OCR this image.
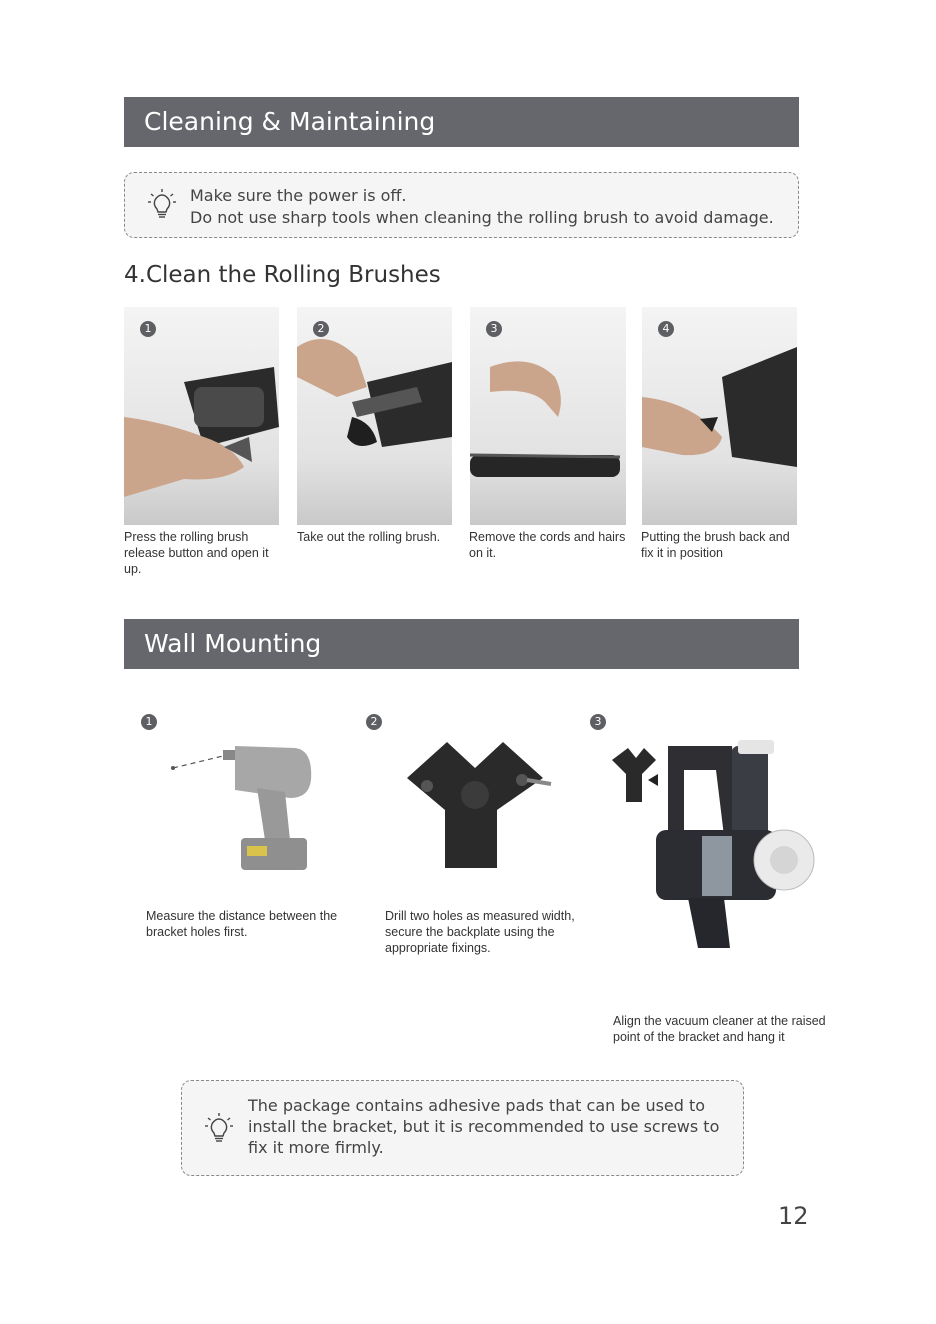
Cleaning & Maintaining
Make sure the power is off.
Do not use sharp tools when cleaning the rolling brush to avoid damage.
4.Clean the Rolling Brushes
1	2	3	4

Press the rolling brush release button and open it up.

Take out the rolling brush.	Remove the cords and hairs on it.

Putting the brush back and fix it in position

Wall Mounting
1	2	3

Measure the distance between the bracket holes first.

Drill two holes as measured width, secure the backplate using the appropriate fixings.

Align the vacuum cleaner at the raised point of the bracket and hang it

The package contains adhesive pads that can be used to install the bracket, but it is recommended to use screws to fix it more firmly.
12
